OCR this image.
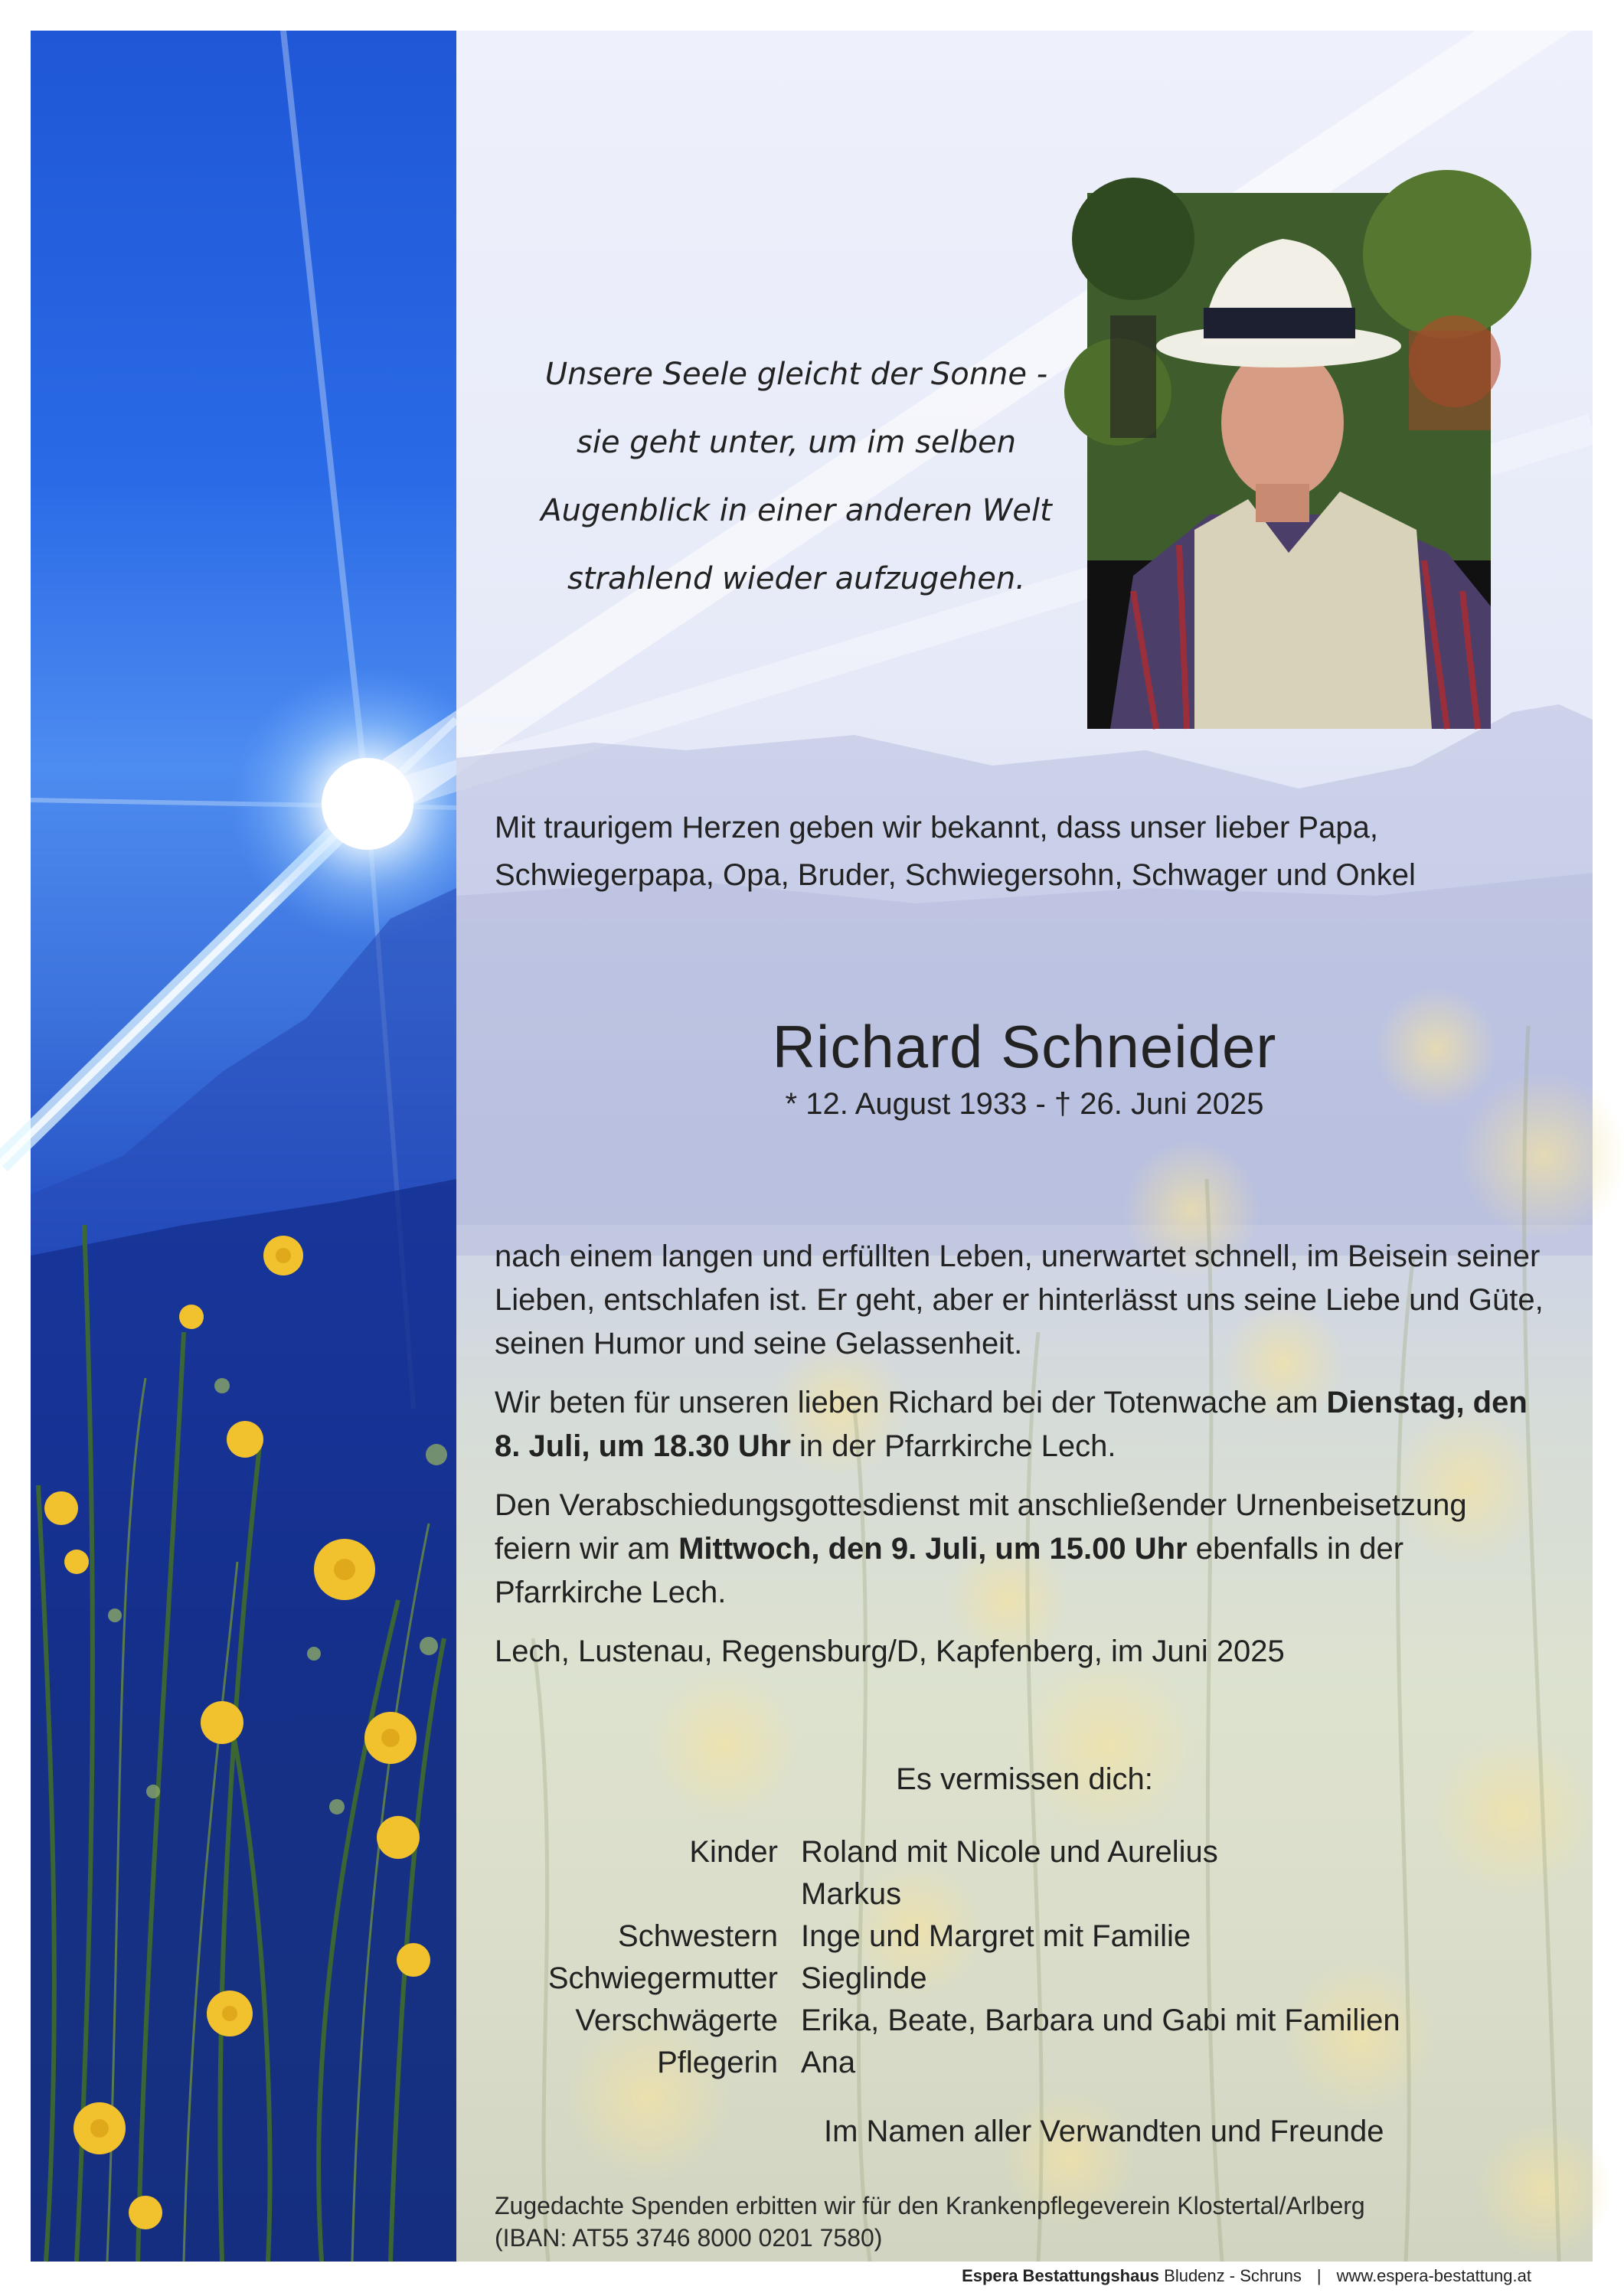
Unsere Seele gleicht der Sonne -
sie geht unter, um im selben
Augenblick in einer anderen Welt
strahlend wieder aufzugehen.
Mit traurigem Herzen geben wir bekannt, dass unser lieber Papa,
Schwiegerpapa, Opa, Bruder, Schwiegersohn, Schwager und Onkel
Richard Schneider
* 12. August 1933 - † 26. Juni 2025

nach einem langen und erfüllten Leben, unerwartet schnell, im Beisein seiner Lieben, entschlafen ist. Er geht, aber er hinterlässt uns seine Liebe und Güte, seinen Humor und seine Gelassenheit.

Wir beten für unseren lieben Richard bei der Totenwache am Dienstag, den 8. Juli, um 18.30 Uhr in der Pfarrkirche Lech.

Den Verabschiedungsgottesdienst mit anschließender Urnenbeisetzung feiern wir am Mittwoch, den 9. Juli, um 15.00 Uhr ebenfalls in der Pfarrkirche Lech.

Lech, Lustenau, Regensburg/D, Kapfenberg, im Juni 2025

Es vermissen dich:
Kinder Roland mit Nicole und Aurelius
Markus
Schwestern Inge und Margret mit Familie
Schwiegermutter Sieglinde
Verschwägerte Erika, Beate, Barbara und Gabi mit Familien
Pflegerin Ana
Im Namen aller Verwandten und Freunde
Zugedachte Spenden erbitten wir für den Krankenpflegeverein Klostertal/Arlberg
(IBAN: AT55 3746 8000 0201 7580)
Espera Bestattungshaus Bludenz - Schruns | www.espera-bestattung.at
